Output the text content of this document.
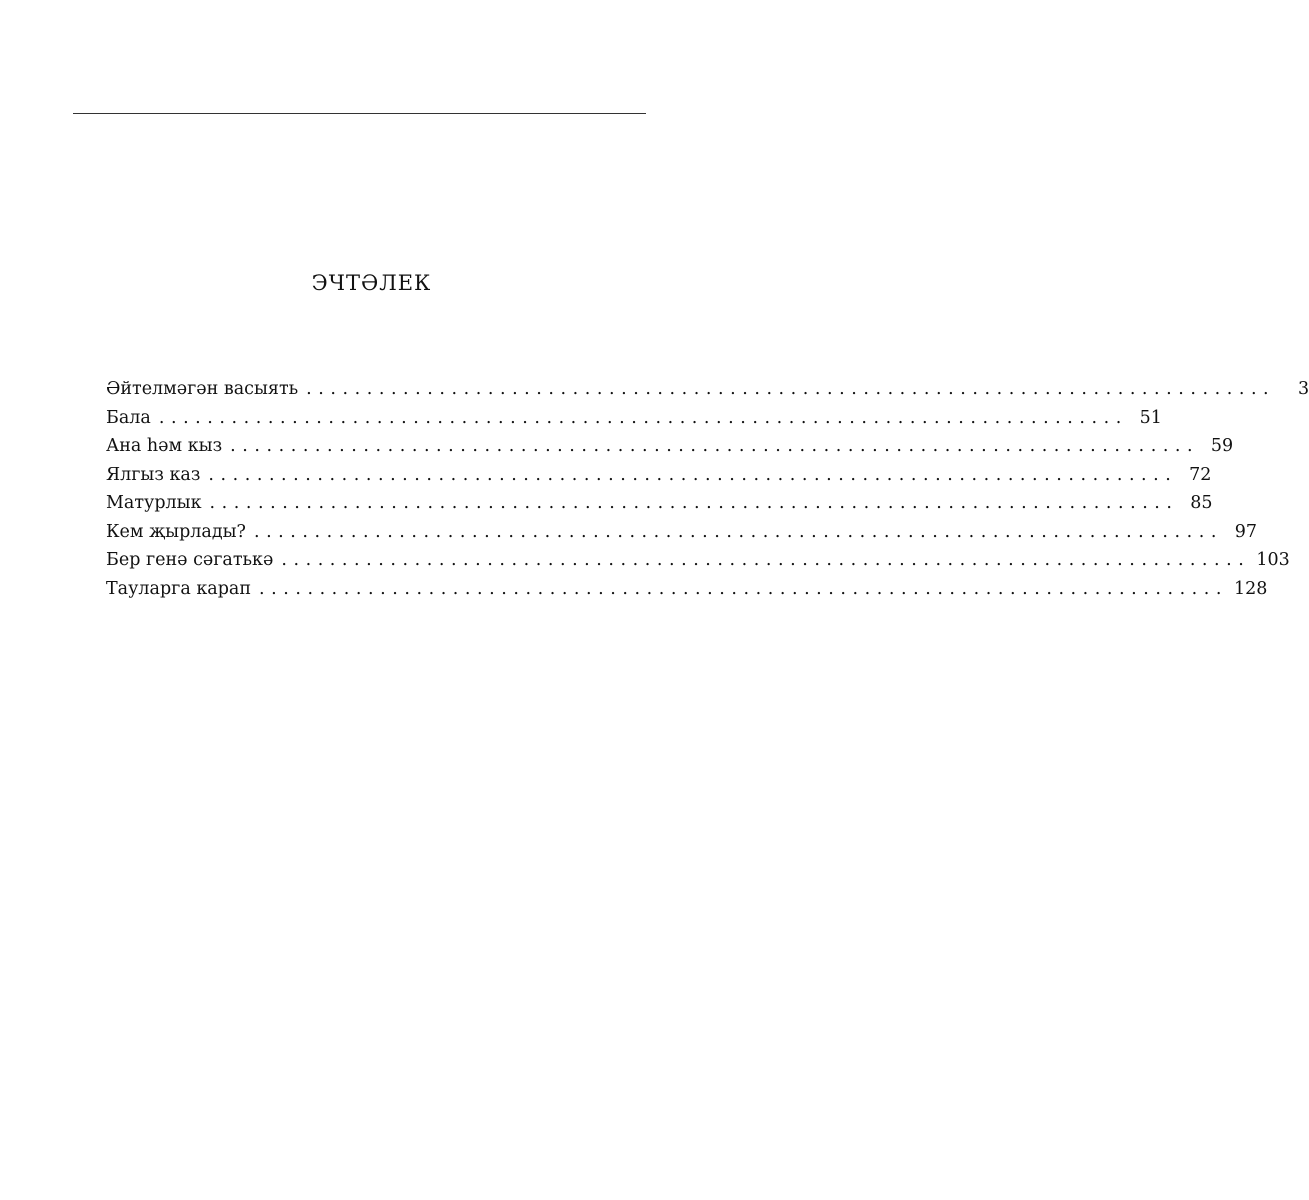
ЭЧТӘЛЕК
Әйтелмәгән васыять ................................................................................	3
Бала ................................................................................ 51
Ана һәм кыз ................................................................................ 59
Ялгыз каз ................................................................................ 72
Матурлык ................................................................................ 85
Кем җырлады? ................................................................................ 97
Бер генә сәгатькә ................................................................................ 103
Тауларга карап ................................................................................ 128
